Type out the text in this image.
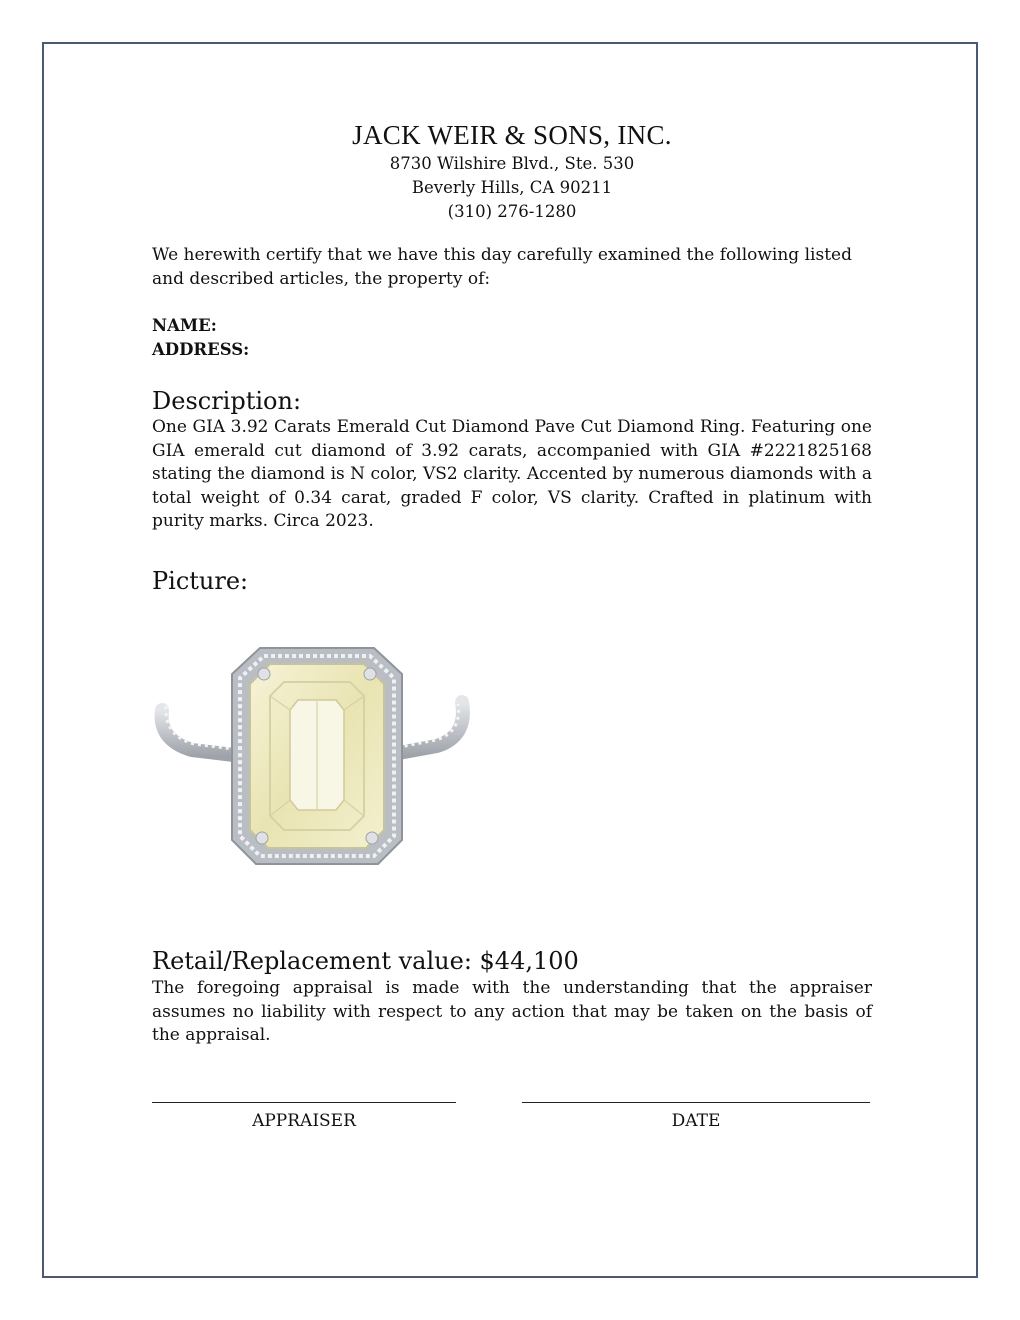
JACK WEIR & SONS, INC.
8730 Wilshire Blvd., Ste. 530
Beverly Hills, CA 90211
(310) 276-1280
We herewith certify that we have this day carefully examined the following listed and described articles, the property of:
NAME:
ADDRESS:
Description:
One GIA 3.92 Carats Emerald Cut Diamond Pave Cut Diamond Ring. Featuring one GIA emerald cut diamond of 3.92 carats, accompanied with GIA #2221825168 stating the diamond is N color, VS2 clarity. Accented by numerous diamonds with a total weight of 0.34 carat, graded F color, VS clarity. Crafted in platinum with purity marks. Circa 2023.
Picture:
Retail/Replacement value: $44,100
The foregoing appraisal is made with the understanding that the appraiser assumes no liability with respect to any action that may be taken on the basis of the appraisal.
APPRAISER	DATE
